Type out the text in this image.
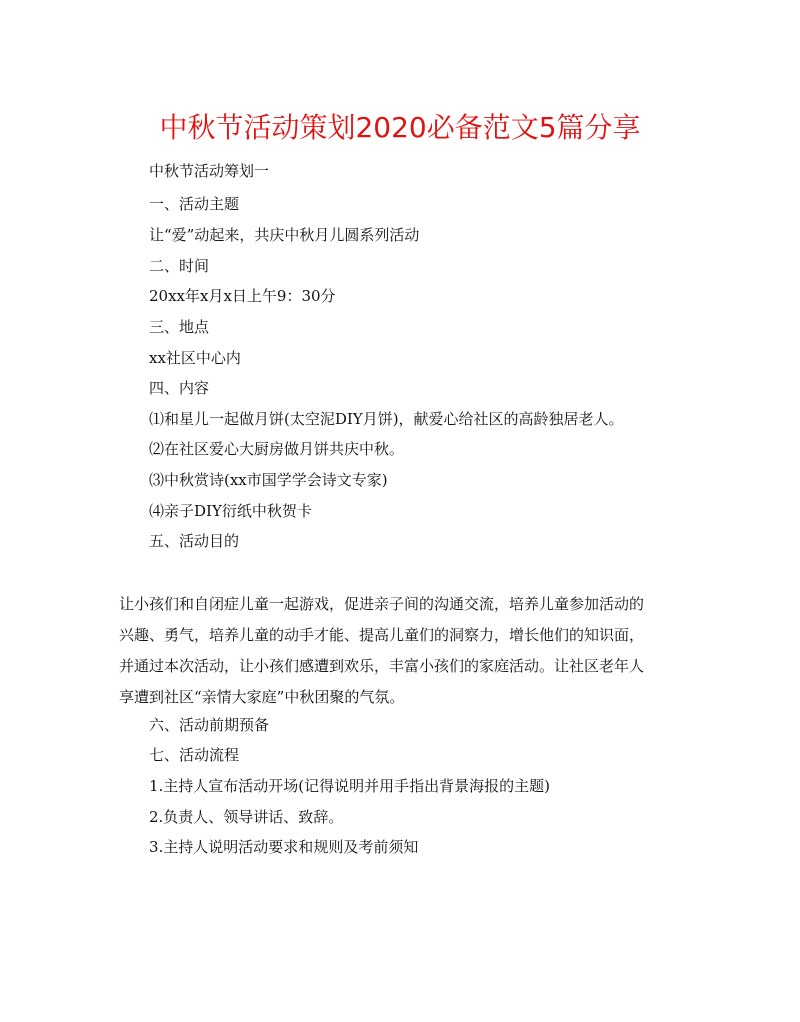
中秋节活动策划2020必备范文5篇分享
中秋节活动筹划一
一、活动主题
让“爱”动起来，共庆中秋月儿圆系列活动
二、时间
20xx年x月x日上午9：30分
三、地点
xx社区中心内
四、内容
⑴和星儿一起做月饼(太空泥DIY月饼)，献爱心给社区的高龄独居老人。
⑵在社区爱心大厨房做月饼共庆中秋。
⑶中秋赏诗(xx市国学学会诗文专家)
⑷亲子DIY衍纸中秋贺卡
五、活动目的
让小孩们和自闭症儿童一起游戏，促进亲子间的沟通交流，培养儿童参加活动的
兴趣、勇气，培养儿童的动手才能、提高儿童们的洞察力，增长他们的知识面，
并通过本次活动，让小孩们感遭到欢乐，丰富小孩们的家庭活动。让社区老年人
享遭到社区“亲情大家庭”中秋团聚的气氛。
六、活动前期预备
七、活动流程
1.主持人宣布活动开场(记得说明并用手指出背景海报的主题)
2.负责人、领导讲话、致辞。
3.主持人说明活动要求和规则及考前须知
